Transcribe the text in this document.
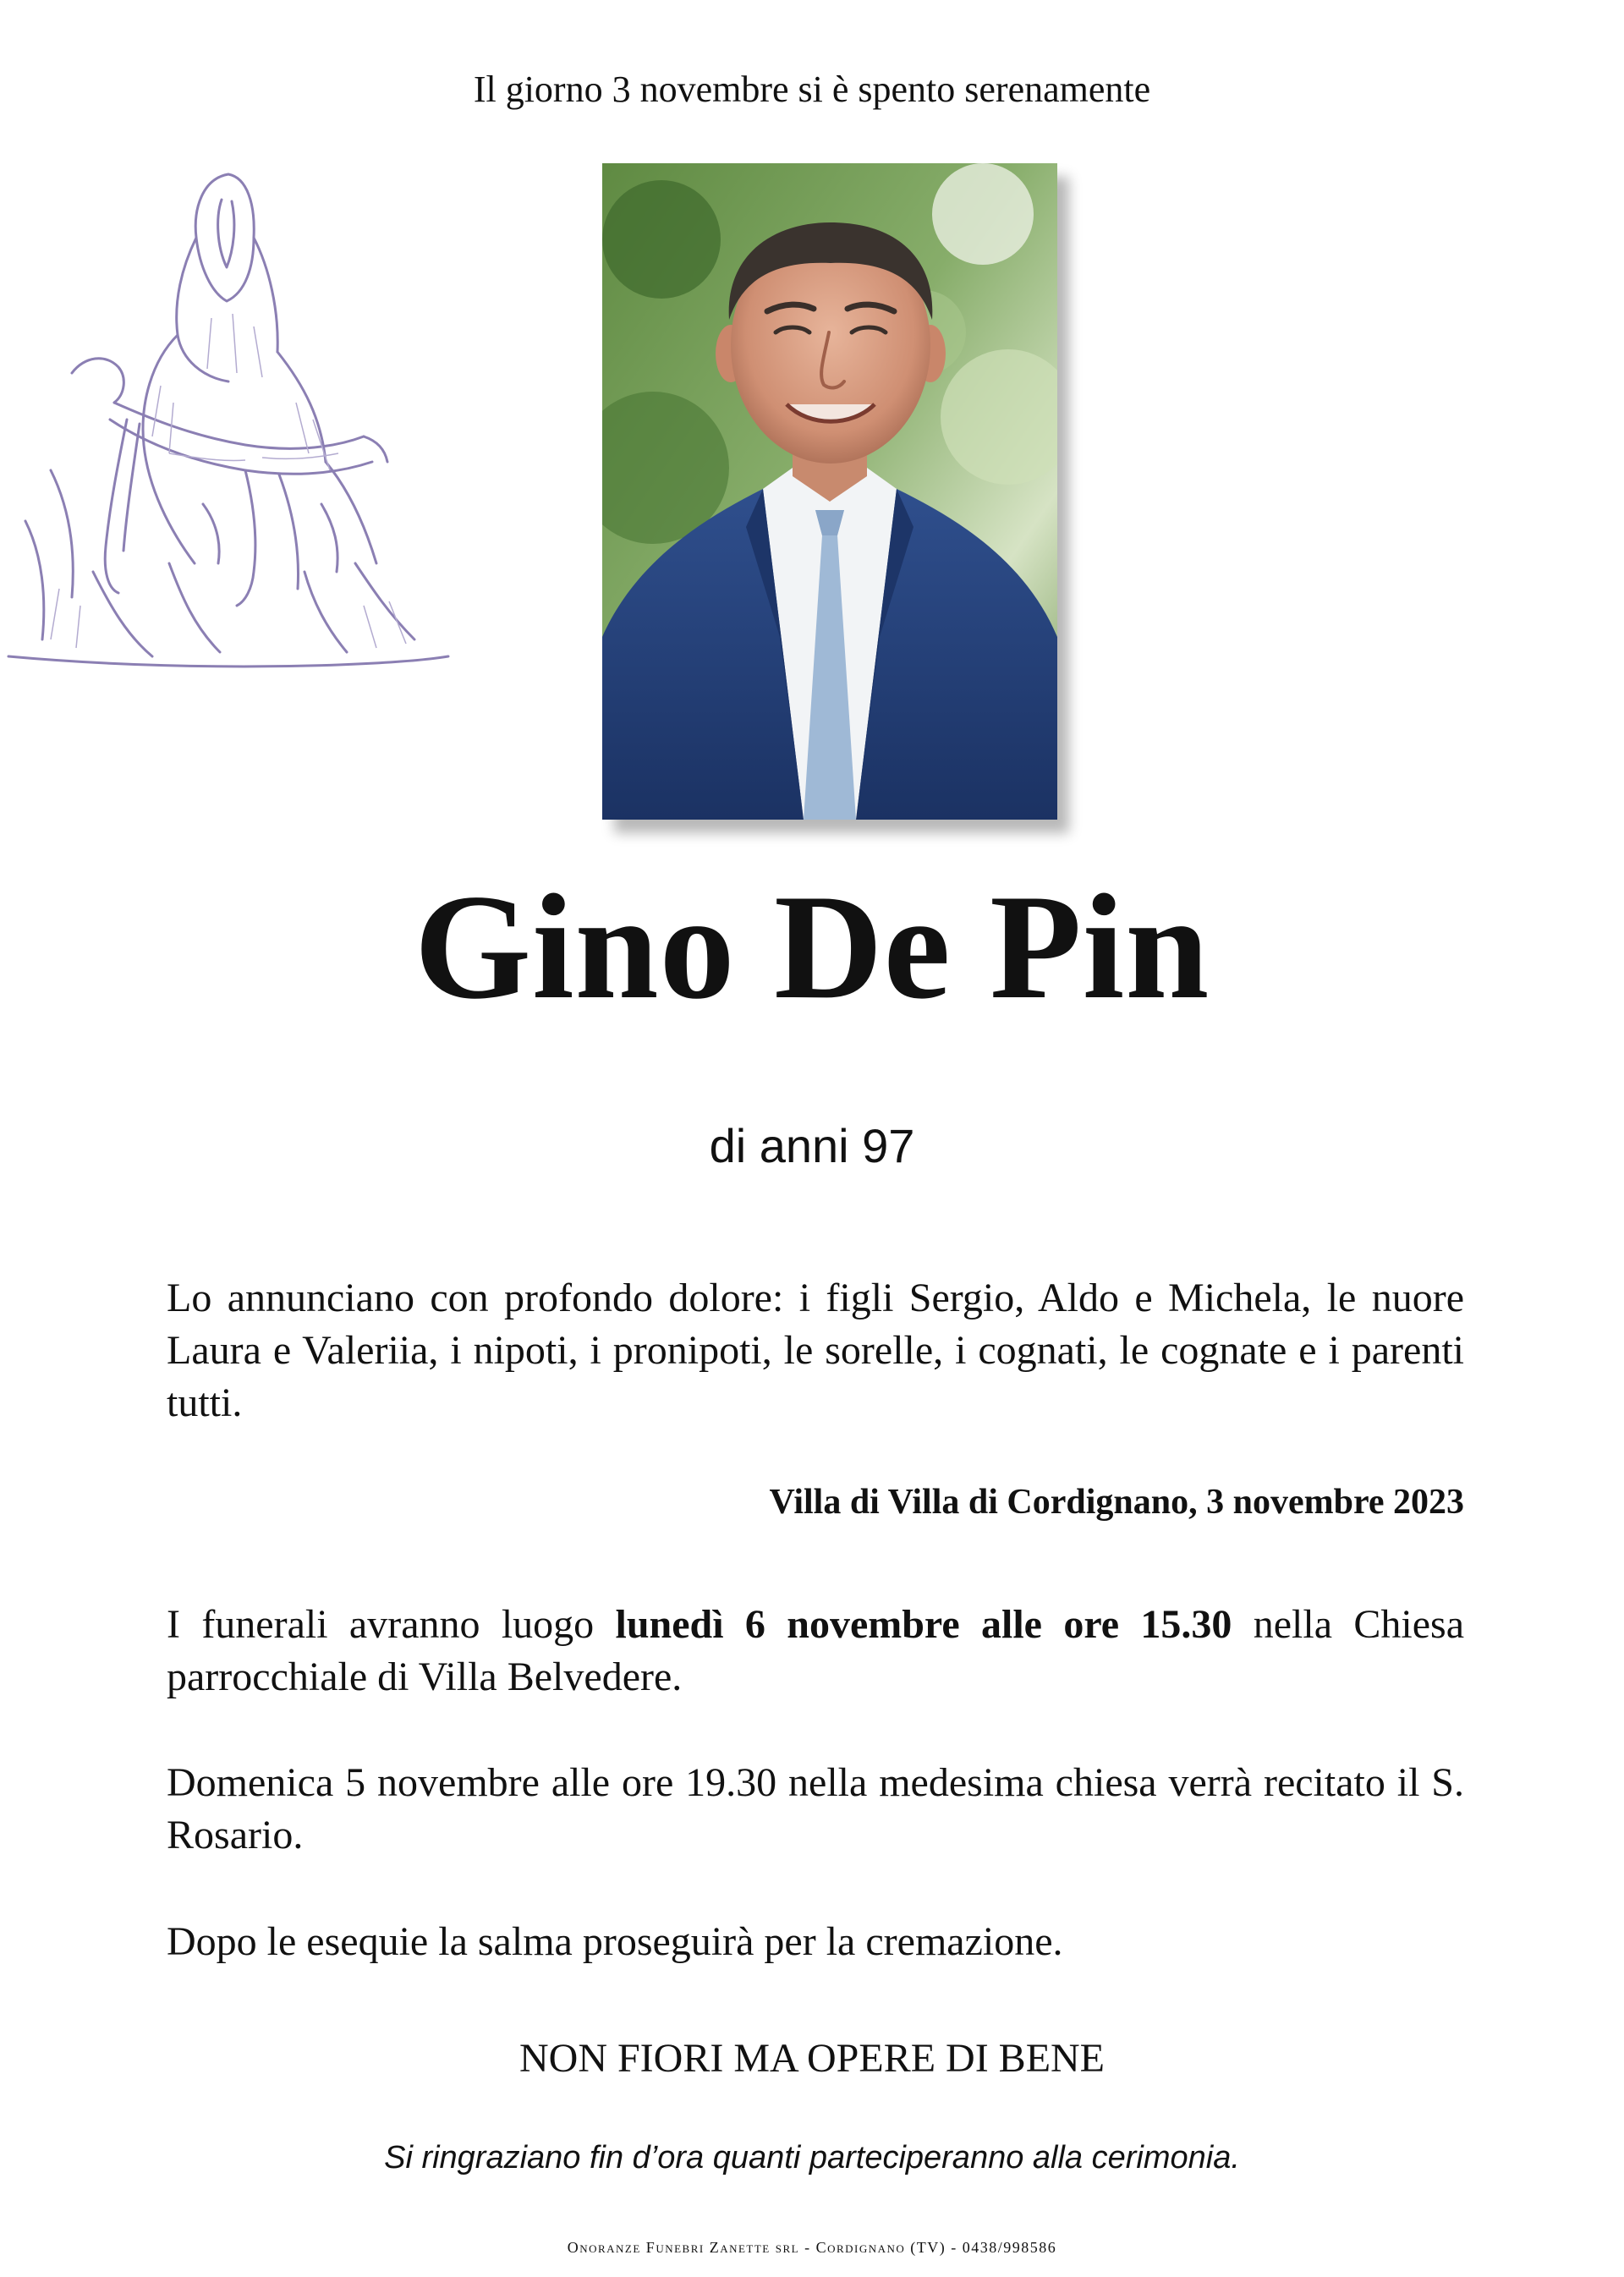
Il giorno 3 novembre si è spento serenamente
Gino De Pin
di anni 97
Lo annunciano con profondo dolore: i figli Sergio, Aldo e Michela, le nuore Laura e Valeriia, i nipoti, i pronipoti, le sorelle, i cognati, le cognate e i parenti tutti.
Villa di Villa di Cordignano, 3 novembre 2023
I funerali avranno luogo lunedì 6 novembre alle ore 15.30 nella Chiesa parrocchiale di Villa Belvedere.
Domenica 5 novembre alle ore 19.30 nella medesima chiesa verrà recitato il S. Rosario.
Dopo le esequie la salma proseguirà per la cremazione.
NON FIORI MA OPERE DI BENE
Si ringraziano fin d’ora quanti parteciperanno alla cerimonia.
Onoranze Funebri Zanette srl - Cordignano (TV) - 0438/998586
